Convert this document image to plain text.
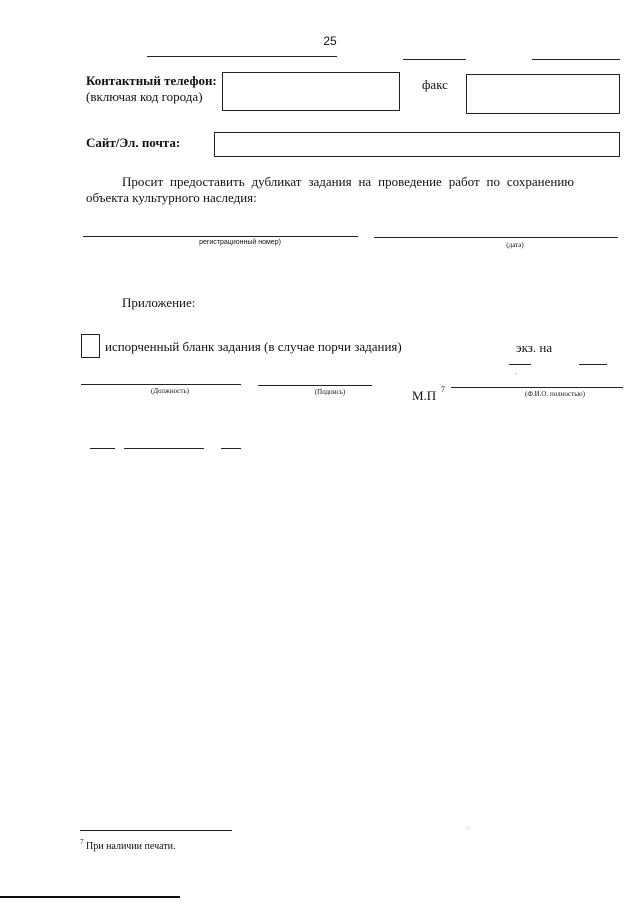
25
Контактный телефон:
(включая код города)
факс
Сайт/Эл. почта:
Просит предоставить дубликат задания на проведение работ по сохранению объекта культурного наследия:
регистрационный номер)	(дата)
Приложение:
испорченный бланк задания (в случае порчи задания)	экз. на
(Должность)	(Подпись)	М.П 7	(Ф.И.О. полностью)
7 При наличии печати.
